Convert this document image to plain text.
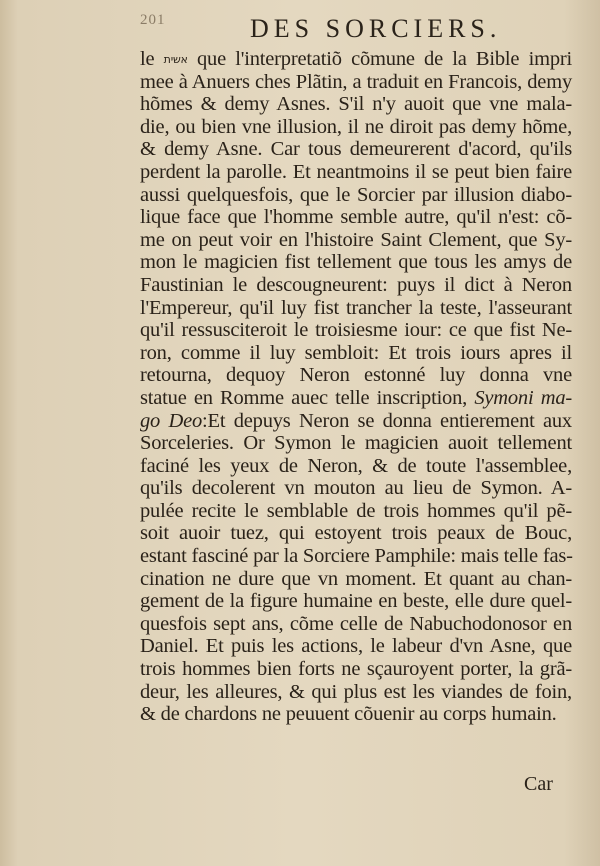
201	DES SORCIERS.
le אשית que l'interpretatiõ cõmune de la Bible impri
mee à Anuers ches Plãtin, a traduit en Francois, demy
hõmes & demy Asnes. S'il n'y auoit que vne mala-
die, ou bien vne illusion, il ne diroit pas demy hõme,
& demy Asne. Car tous demeurerent d'acord, qu'ils
perdent la parolle. Et neantmoins il se peut bien faire
aussi quelquesfois, que le Sorcier par illusion diabo-
lique face que l'homme semble autre, qu'il n'est: cõ-
me on peut voir en l'histoire Saint Clement, que Sy-
mon le magicien fist tellement que tous les amys de
Faustinian le descougneurent: puys il dict à Neron
l'Empereur, qu'il luy fist trancher la teste, l'asseurant
qu'il ressusciteroit le troisiesme iour: ce que fist Ne-
ron, comme il luy sembloit: Et trois iours apres il
retourna, dequoy Neron estonné luy donna vne
statue en Romme auec telle inscription, Symoni ma-
go Deo:Et depuys Neron se donna entierement aux
Sorceleries. Or Symon le magicien auoit tellement
faciné les yeux de Neron, & de toute l'assemblee,
qu'ils decolerent vn mouton au lieu de Symon. A-
pulée recite le semblable de trois hommes qu'il pẽ-
soit auoir tuez, qui estoyent trois peaux de Bouc,
estant fasciné par la Sorciere Pamphile: mais telle fas-
cination ne dure que vn moment. Et quant au chan-
gement de la figure humaine en beste, elle dure quel-
quesfois sept ans, cõme celle de Nabuchodonosor en
Daniel. Et puis les actions, le labeur d'vn Asne, que
trois hommes bien forts ne sçauroyent porter, la grã-
deur, les alleures, & qui plus est les viandes de foin,
& de chardons ne peuuent cõuenir au corps humain.
Car
